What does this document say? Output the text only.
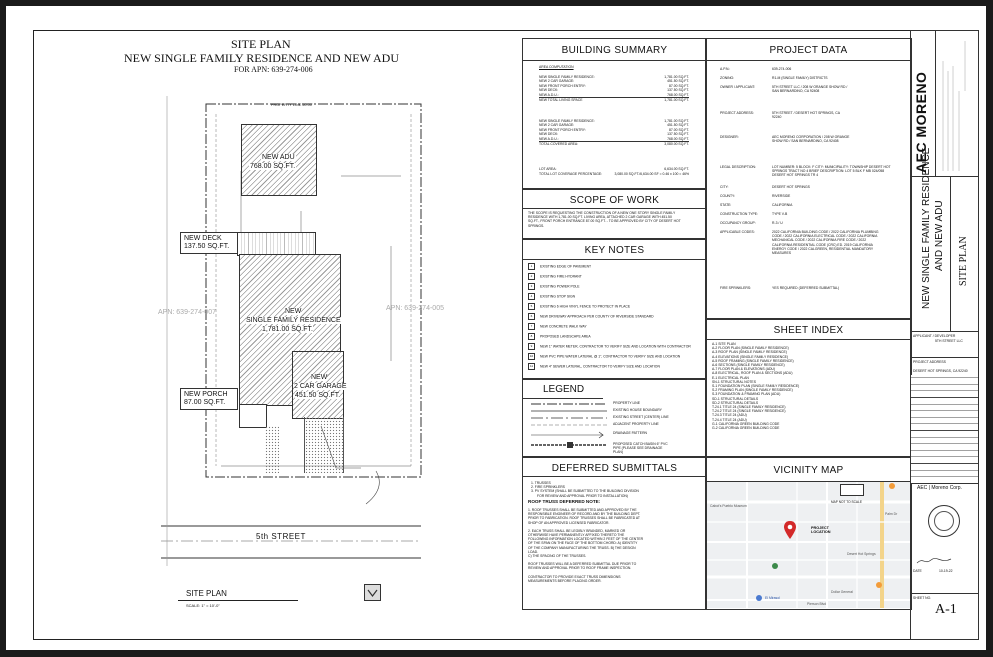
SITE PLAN
NEW SINGLE FAMILY RESIDENCE AND NEW ADU
FOR APN: 639-274-006
PROPERTY LINE 50.00'
NEW ADU
768.00 SQ.FT.
NEW
SINGLE FAMILY RESIDENCE
1,781.00 SQ.FT.
NEW
2 CAR GARAGE
451.50 SQ.FT.
NEW DECK
137.50 SQ.FT.
NEW PORCH
87.00 SQ.FT.
APN: 639-274-007
APN: 639-274-005
5th STREET
SITE PLAN
SCALE: 1" = 10'-0"
BUILDING SUMMARY
AREA COMPUTATION
NEW SINGLE FAMILY RESIDENCE:	1,781.00 SQ.FT.
NEW 2 CAR GARAGE:	451.50 SQ.FT.
NEW FRONT PORCH ENTRY:	87.00 SQ.FT.
NEW DECK:	137.50 SQ.FT.
NEW A.D.U.:	768.00 SQ.FT.
NEW TOTAL LIVING SPACE	1,781.00 SQ.FT.
NEW SINGLE FAMILY RESIDENCE:	1,781.00 SQ.FT.
NEW 2 CAR GARAGE:	451.50 SQ.FT.
NEW FRONT PORCH ENTRY:	87.00 SQ.FT.
NEW DECK:	137.50 SQ.FT.
NEW A.D.U.:	768.00 SQ.FT.
TOTAL COVERED AREA:	3,080.00 SQ.FT.
LOT AREA:	6,634.00 SQ.FT.
TOTAL LOT COVERAGE PERCENTAGE:	3,080.00 SQ.FT./6,634.00 SF = 0.46 x 100 = 46%
SCOPE OF WORK
THE SCOPE IS REQUESTING THE CONSTRUCTION OF A NEW ONE STORY SINGLE FAMILY
RESIDENCE WITH 1,781.00 SQ.FT. LIVING AREA, ATTACHED 2 CAR GARAGE WITH 451.50
SQ.FT., FRONT PORCH ENTRANCE 87.00 SQ.FT. - TO BE APPROVED BY CITY OF DESERT HOT
SPRINGS.
KEY NOTES
1 EXISTING EDGE OF PAVEMENT
2 EXISTING FIRE HYDRANT
3 EXISTING POWER POLE
4 EXISTING STOP SIGN
5 EXISTING 6 HIGH VINYL FENCE TO PROTECT IN PLACE
6 NEW DRIVEWAY APPROACH PER COUNTY OF RIVERSIDE STANDARD
7 NEW CONCRETE WALK WAY
8 PROPOSED LANDSCAPE AREA
9 NEW 1" WATER METER, CONTRACTOR TO VERIFY SIZE AND LOCATION WITH CONTRACTOR
10 NEW PVC PIPE WATER LATERAL @ 1", CONTRACTOR TO VERIFY SIZE AND LOCATION
11 NEW 4" SEWER LATERAL, CONTRACTOR TO VERIFY SIZE AND LOCATION
LEGEND
PROPERTY LINE
EXISTING HOUSE BOUNDARY
EXISTING STREET (CENTER) LINE
ADJACENT PROPERTY LINE
DRAINAGE PATTERN
PROPOSED CATCH BASIN 6" PVC PIPE (PLEASE SEE DRAINAGE PLAN)
DEFERRED SUBMITTALS
1. TRUSSES
2. FIRE SPRINKLERS
3. PV SYSTEM (SHALL BE SUBMITTED TO THE BUILDING DIVISION
FOR REVIEW AND APPROVAL PRIOR TO INSTALLATION)
ROOF TRUSS DEFERRED NOTE:
1. ROOF TRUSSES SHALL BE SUBMITTED AND APPROVED BY THE
RESPONSIBLE ENGINEER OF RECORD AND BY THE BUILDING DEPT.
PRIOR TO FABRICATION. ROOF TRUSSES SHALL BE FABRICATED AT
SHOP OF AN APPROVED LICENSED FABRICATOR.
2. EACH TRUSS SHALL BE LEGIBLY BRANDED, MARKED OR
OTHERWISE HAVE PERMANENTLY AFFIXED THERETO THE
FOLLOWING INFORMATION LOCATED WITHIN 2 FEET OF THE CENTER
OF THE SPAN ON THE FACE OF THE BOTTOM CHORD: A) IDENTITY
OF THE COMPANY MANUFACTURING THE TRUSS. B) THE DESIGN
LOAD.
C) THE SPACING OF THE TRUSSES.
ROOF TRUSSES WILL BE A DEFERRED SUBMITTAL DUE PRIOR TO
REVIEW AND APPROVAL PRIOR TO ROOF FRAME INSPECTION.
CONTRACTOR TO PROVIDE EXACT TRUSS DIMENSIONS
MEASUREMENTS BEFORE PLACING ORDER.
PROJECT DATA
A.P.N.:	639-274-006
ZONING:	R1-M (SINGLE FAMILY) DISTRICTS
OWNER / APPLICANT:	5TH STREET LLC / 208 W ORANGE SHOW RD / SAN BERNARDINO, CA 92408
PROJECT ADDRESS:	5TH STREET / DESERT HOT SPRINGS, CA 92240
DESIGNER:	AEC MORENO CORPORATION / 208 W ORANGE SHOW RD / SAN BERNARDINO, CA 92408
LEGAL DESCRIPTION:	LOT NUMBER: 5 BLOCK: F CITY: MUNICIPALITY: TOWNSHIP DESERT HOT SPRINGS TRACT NO 4 BRIEF DESCRIPTION: LOT 5 BLK F MB 024/058 DESERT HOT SPRINGS TR 4
CITY:	DESERT HOT SPRINGS
COUNTY:	RIVERSIDE
STATE:	CALIFORNIA
CONSTRUCTION TYPE:	TYPE V-B
OCCUPANCY GROUP:	R-3 / U
APPLICABLE CODES:	2022 CALIFORNIA BUILDING CODE / 2022 CALIFORNIA PLUMBING CODE / 2022 CALIFORNIA ELECTRICAL CODE / 2022 CALIFORNIA MECHANICAL CODE / 2022 CALIFORNIA FIRE CODE / 2022 CALIFORNIA RESIDENTIAL CODE (CRC) ED. 2019 CALIFORNIA ENERGY CODE / 2022 CALGREEN, RESIDENTIAL MANDATORY MEASURES
FIRE SPRINKLERS:	YES REQUIRED (DEFERRED SUBMITTAL)
SHEET INDEX
A-1 SITE PLAN
A-2 FLOOR PLAN (SINGLE FAMILY RESIDENCE)
A-3 ROOF PLAN (SINGLE FAMILY RESIDENCE)
A-4 ELEVATIONS (SINGLE FAMILY RESIDENCE)
A-5 ROOF FRAMING (SINGLE FAMILY RESIDENCE)
A-6 SECTIONS (SINGLE FAMILY RESIDENCE)
A-7 FLOOR PLAN & ELEVATIONS (ADU)
A-8 ELECTRICAL, ROOF PLAN & SECTIONS (ADU)
E-1 ELECTRICAL PLAN
SN-1 STRUCTURAL NOTES
S-1 FOUNDATION PLAN (SINGLE FAMILY RESIDENCE)
S-2 FRAMING PLAN (SINGLE FAMILY RESIDENCE)
S-3 FOUNDATION & FRAMING PLAN (ADU)
SD-1 STRUCTURAL DETAILS
SD-2 STRUCTURAL DETAILS
T-24.1 TITLE 24 (SINGLE FAMILY RESIDENCE)
T-24.2 TITLE 24 (SINGLE FAMILY RESIDENCE)
T-24.3 TITLE 24 (ADU)
T-24.4 TITLE 24 (ADU)
G-1 CALIFORNIA GREEN BUILDING CODE
G-2 CALIFORNIA GREEN BUILDING CODE
VICINITY MAP
PROJECT LOCATION
MAP NOT TO SCALE
Cabot's Pueblo Museum
Desert Hot Springs
El Mirasol
Dollar General
Pierson Blvd
Palm Dr
AEC MORENO
NEW SINGLE FAMILY RESIDENCE AND NEW ADU SITE PLAN
APPLICANT / DEVELOPER
5TH STREET LLC
PROJECT ADDRESS
DESERT HOT SPRINGS, CA 92240
AEC | Moreno Corp.
DATE	10-19-22
SHEET NO.
A-1
